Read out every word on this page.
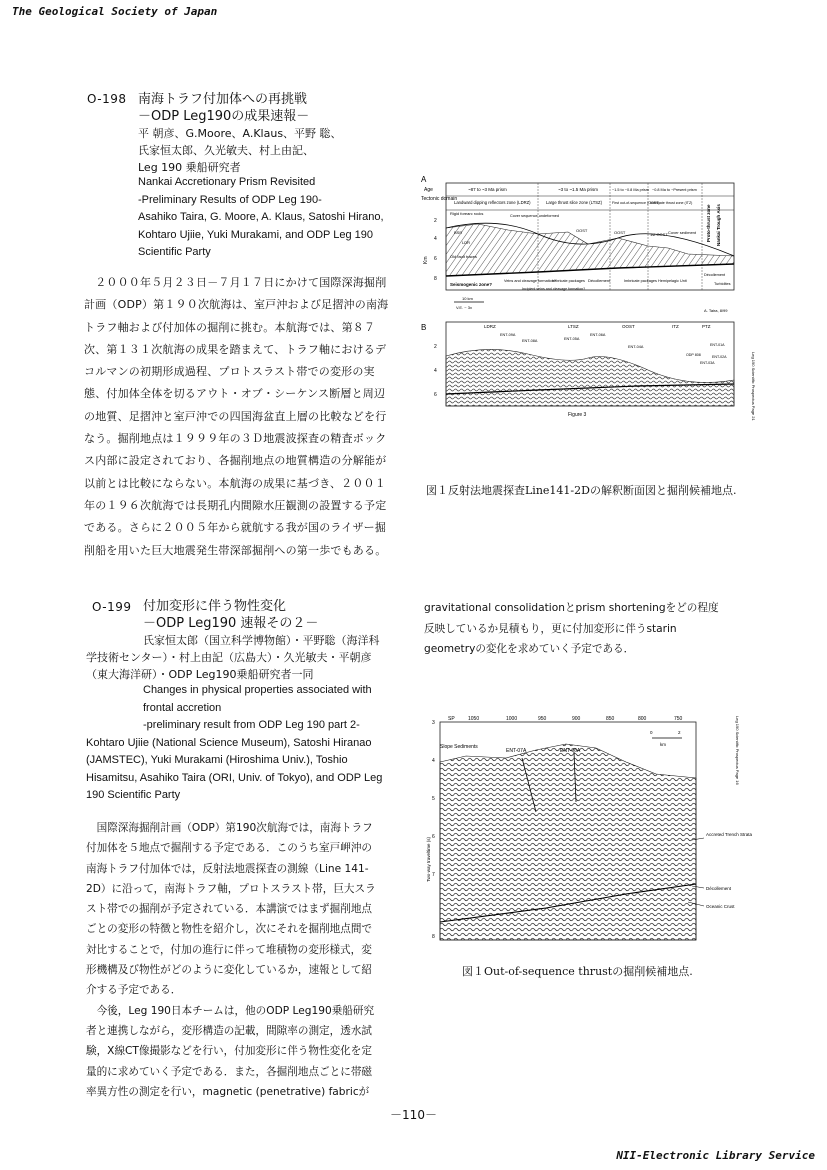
The Geological Society of Japan
NII-Electronic Library Service
－110－
O-198 南海トラフ付加体への再挑戦
－ODP Leg190の成果速報－
平 朝彦、G.Moore、A.Klaus、平野 聡、
氏家恒太郎、久光敏夫、村上由記、
Leg 190 乗船研究者
Nankai Accretionary Prism Revisited
-Preliminary Results of ODP Leg 190-
Asahiko Taira, G. Moore, A. Klaus, Satoshi Hirano,
Kohtaro Ujiie, Yuki Murakami, and ODP Leg 190
Scientific Party
　２０００年５月２３日－７月１７日にかけて国際深海掘削
計画（ODP）第１９０次航海は、室戸沖および足摺沖の南海
トラフ軸および付加体の掘削に挑む。本航海では、第８７
次、第１３１次航海の成果を踏まえて、トラフ軸におけるデ
コルマンの初期形成過程、プロトスラスト帯での変形の実
態、付加体全体を切るアウト・オブ・シーケンス断層と周辺
の地質、足摺沖と室戸沖での四国海盆直上層の比較などを行
なう。掘削地点は１９９９年の３Ｄ地震波探査の精査ボック
ス内部に設定されており、各掘削地点の地質構造の分解能が
以前とは比較にならない。本航海の成果に基づき、２００１
年の１９６次航海では長期孔内間隙水圧観測の設置する予定
である。さらに２００５年から就航する我が国のライザー掘
削船を用いた巨大地震発生帯深部掘削への第一歩でもある。
A
Age
Tectonic domain
~87 to ~3 Ma prism	~3 to ~1.5 Ma prism	~1.5 to ~0.8 Ma prism ~0.8 Ma to ~Present prism
Landward dipping reflectors zone (LDRZ)	Large thrust slice zone (LTSZ)	First out-of-sequence (OOST)
Imbricate thrust zone (ITZ)
Proto-thrust zone Nankai Trough Axis
2
4
6
8
Km
Rigid forearc rocks	Cover sequence undeformed
BSR
LDR
OOST	OOST	1st OOST Cover sediment
Old fault traces
Seismogenic zone?
Veins and cleavage formation?
Imbricate packages Décollement	Imbricate packages Hemipelagic Unit
Décollement
Turbidites
Incipient veins and cleavage formation?
10 km
V.E. ~ 3x
A. Taira, 8/99
B	LDRZ	LTSZ	OOST	ITZ	PTZ
ENT-09A
ENT-08A	ENT-05A
ENT-06A
ENT-04A
ODP 808
ENT-01A
ENT-02A
ENT-03A
2
4
6
Figure 3	Leg 190 Scientific Prospectus Page 21
図１反射法地震探査Line141-2Dの解釈断面図と掘削候補地点.
O-199 付加変形に伴う物性変化
－ODP Leg190 速報その２－
氏家恒太郎（国立科学博物館）・平野聡（海洋科
学技術センター）・村上由記（広島大）・久光敏夫・平朝彦
（東大海洋研）・ODP Leg190乗船研究者一同
Changes in physical properties associated with
frontal accretion
-preliminary result from ODP Leg 190 part 2-
Kohtaro Ujiie (National Science Museum), Satoshi Hiranao
(JAMSTEC), Yuki Murakami (Hiroshima Univ.), Toshio
Hisamitsu, Asahiko Taira (ORI, Univ. of Tokyo), and ODP Leg
190 Scientific Party
　国際深海掘削計画（ODP）第190次航海では，南海トラフ
付加体を５地点で掘削する予定である．このうち室戸岬沖の
南海トラフ付加体では，反射法地震探査の測線（Line 141-
2D）に沿って，南海トラフ軸，プロトスラスト帯，巨大スラ
スト帯での掘削が予定されている．本講演ではまず掘削地点
ごとの変形の特徴と物性を紹介し，次にそれを掘削地点間で
対比することで，付加の進行に伴って堆積物の変形様式，変
形機構及び物性がどのように変化しているか，速報として紹
介する予定である．
　今後，Leg 190日本チームは，他のODP Leg190乗船研究
者と連携しながら，変形構造の記載，間隙率の測定，透水試
験，X線CT像撮影などを行い，付加変形に伴う物性変化を定
量的に求めていく予定である．また，各掘削地点ごとに帯磁
率異方性の測定を行い，magnetic (penetrative) fabricが
gravitational consolidationとprism shorteningをどの程度
反映しているか見積もり，更に付加変形に伴うstarin
geometryの変化を求めていく予定である．
SP	1050	1000	950	900	850	800	750
Slope Sediments
ENT-07A	ENT-06A
0	2
km
3
4
5
6
7
8
Two-way traveltime (s)
Accreted Trench Strata
Décollement
Oceanic Crust
Leg 190 Scientific Prospectus Page 16
図１Out-of-sequence thrustの掘削候補地点.
